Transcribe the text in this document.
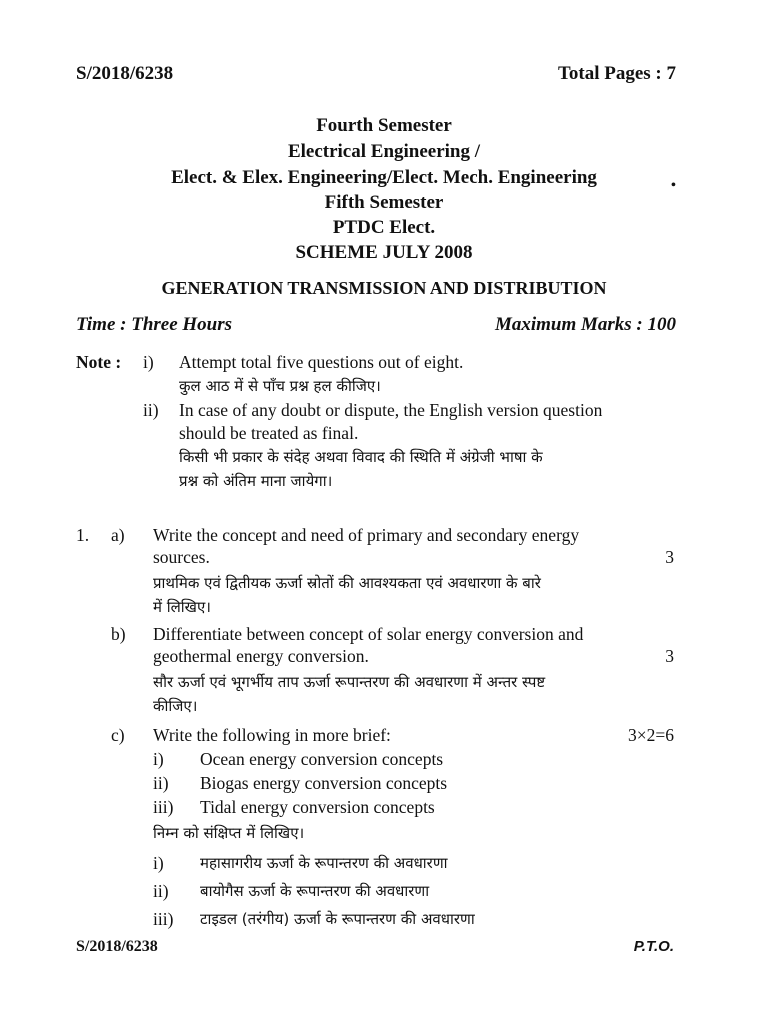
S/2018/6238	Total Pages : 7
Fourth Semester
Electrical Engineering /
Elect. & Elex. Engineering/Elect. Mech. Engineering	•
Fifth Semester
PTDC Elect.
SCHEME JULY 2008
GENERATION TRANSMISSION AND DISTRIBUTION
Time : Three Hours	Maximum Marks : 100
Note : i) Attempt total five questions out of eight.
कुल आठ में से पाँच प्रश्न हल कीजिए।
ii) In case of any doubt or dispute, the English version question
should be treated as final.
किसी भी प्रकार के संदेह अथवा विवाद की स्थिति में अंग्रेजी भाषा के
प्रश्न को अंतिम माना जायेगा।
1. a) Write the concept and need of primary and secondary energy
sources.	3
प्राथमिक एवं द्वितीयक ऊर्जा स्रोतों की आवश्यकता एवं अवधारणा के बारे
में लिखिए।
b) Differentiate between concept of solar energy conversion and
geothermal energy conversion.	3
सौर ऊर्जा एवं भूगर्भीय ताप ऊर्जा रूपान्तरण की अवधारणा में अन्तर स्पष्ट
कीजिए।
c) Write the following in more brief:	3×2=6
i) Ocean energy conversion concepts
ii) Biogas energy conversion concepts
iii) Tidal energy conversion concepts
निम्न को संक्षिप्त में लिखिए।
i) महासागरीय ऊर्जा के रूपान्तरण की अवधारणा
ii) बायोगैस ऊर्जा के रूपान्तरण की अवधारणा
iii) टाइडल (तरंगीय) ऊर्जा के रूपान्तरण की अवधारणा
S/2018/6238	P.T.O.
